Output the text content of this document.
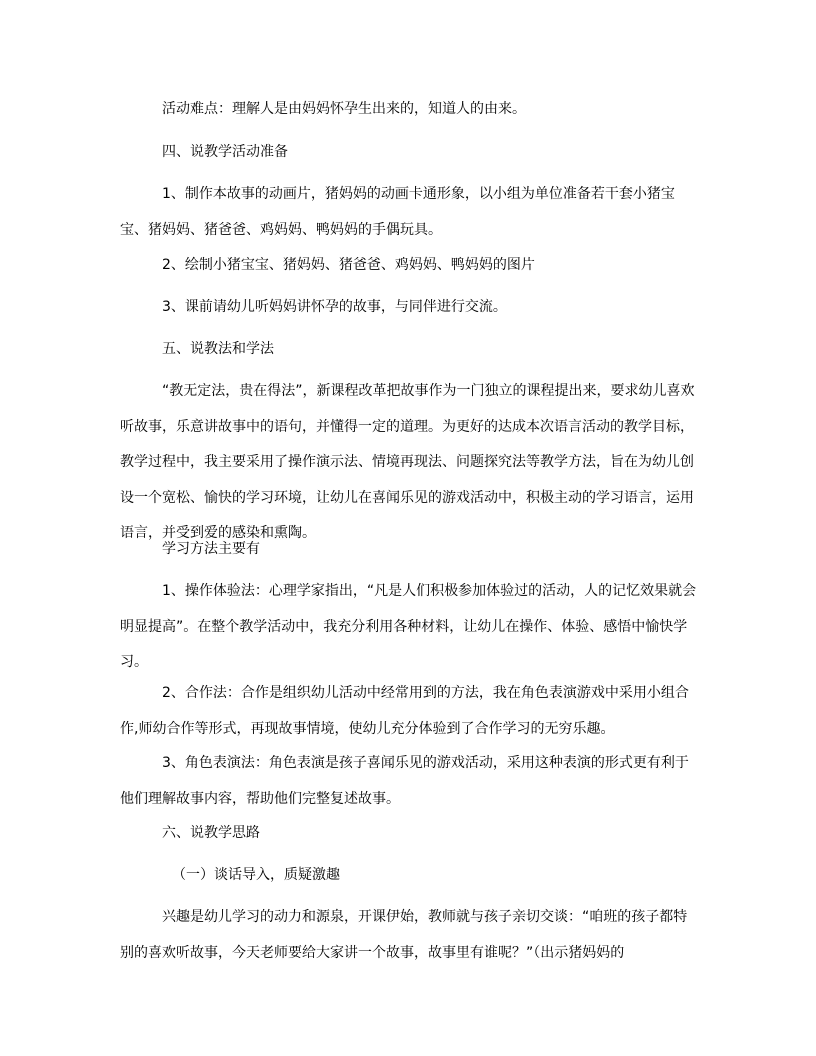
活动难点：理解人是由妈妈怀孕生出来的，知道人的由来。

四、说教学活动准备

1、制作本故事的动画片，猪妈妈的动画卡通形象，以小组为单位准备若干套小猪宝宝、猪妈妈、猪爸爸、鸡妈妈、鸭妈妈的手偶玩具。

2、绘制小猪宝宝、猪妈妈、猪爸爸、鸡妈妈、鸭妈妈的图片

3、课前请幼儿听妈妈讲怀孕的故事，与同伴进行交流。

五、说教法和学法

“教无定法，贵在得法”，新课程改革把故事作为一门独立的课程提出来，要求幼儿喜欢听故事，乐意讲故事中的语句，并懂得一定的道理。为更好的达成本次语言活动的教学目标，教学过程中，我主要采用了操作演示法、情境再现法、问题探究法等教学方法，旨在为幼儿创设一个宽松、愉快的学习环境，让幼儿在喜闻乐见的游戏活动中，积极主动的学习语言，运用语言，并受到爱的感染和熏陶。

学习方法主要有

1、操作体验法：心理学家指出，“凡是人们积极参加体验过的活动，人的记忆效果就会明显提高”。在整个教学活动中，我充分利用各种材料，让幼儿在操作、体验、感悟中愉快学习。

2、合作法：合作是组织幼儿活动中经常用到的方法，我在角色表演游戏中采用小组合作,师幼合作等形式，再现故事情境，使幼儿充分体验到了合作学习的无穷乐趣。

3、角色表演法：角色表演是孩子喜闻乐见的游戏活动，采用这种表演的形式更有利于他们理解故事内容，帮助他们完整复述故事。

六、说教学思路

（一）谈话导入，质疑激趣

兴趣是幼儿学习的动力和源泉，开课伊始，教师就与孩子亲切交谈：“咱班的孩子都特别的喜欢听故事，今天老师要给大家讲一个故事，故事里有谁呢？”（出示猪妈妈的
